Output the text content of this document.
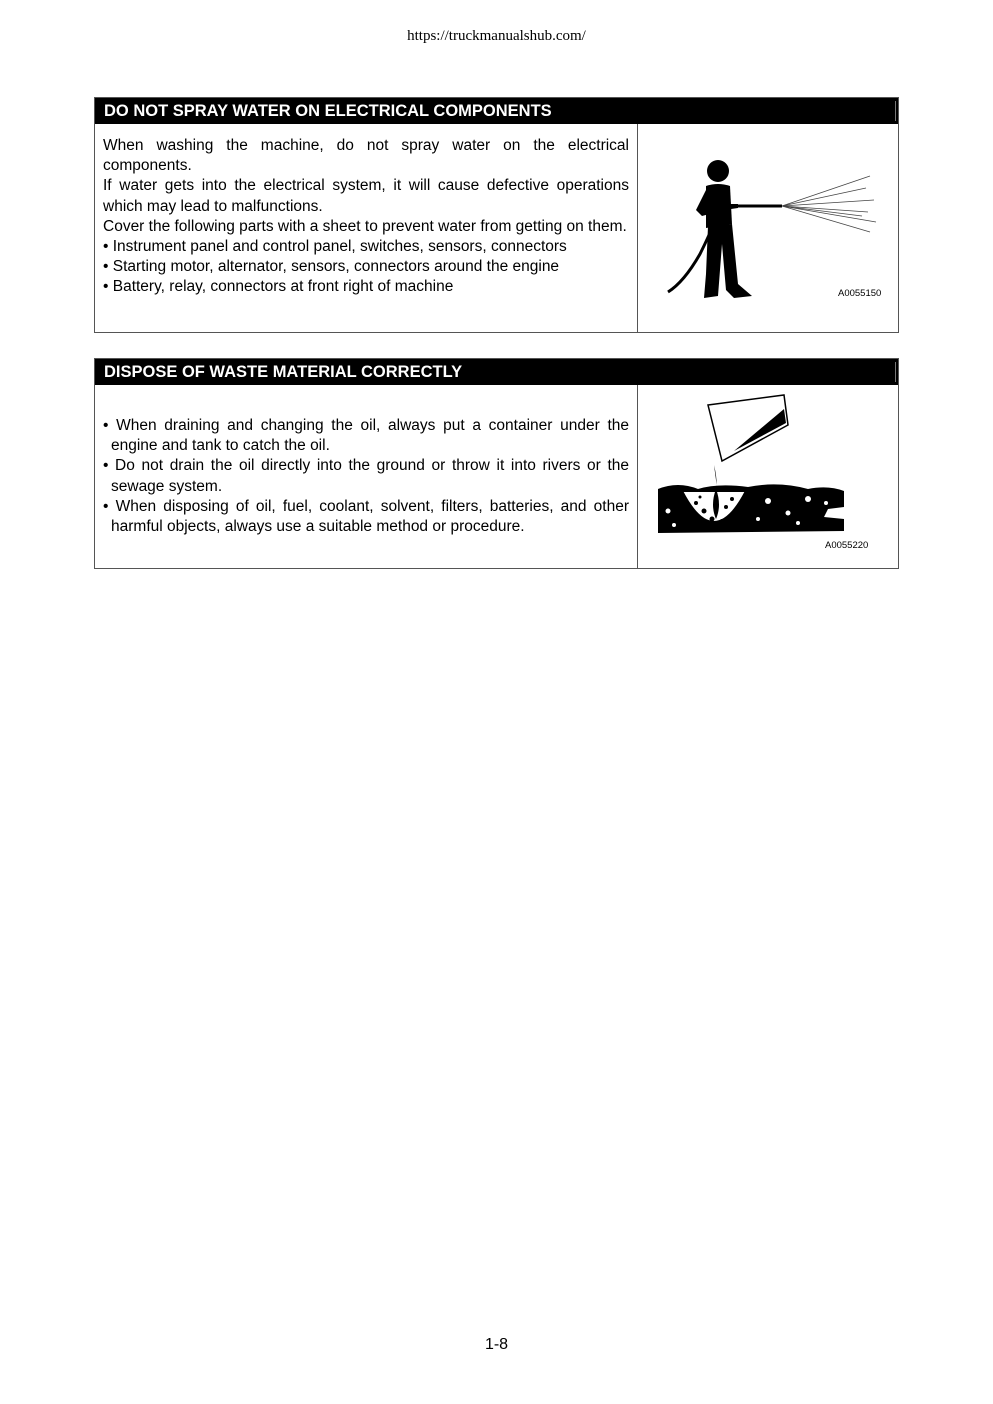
https://truckmanualshub.com/
DO NOT SPRAY WATER ON ELECTRICAL COMPONENTS

When washing the machine, do not spray water on the electrical components.

If water gets into the electrical system, it will cause defective operations which may lead to malfunctions.

Cover the following parts with a sheet to prevent water from getting on them.

• Instrument panel and control panel, switches, sensors, connectors

• Starting motor, alternator, sensors, connectors around the engine

• Battery, relay, connectors at front right of machine	A0055150
DISPOSE OF WASTE MATERIAL CORRECTLY

• When draining and changing the oil, always put a container under the engine and tank to catch the oil.

• Do not drain the oil directly into the ground or throw it into rivers or the sewage system.

• When disposing of oil, fuel, coolant, solvent, filters, batteries, and other harmful objects, always use a suitable method or procedure.

A0055220
1-8
